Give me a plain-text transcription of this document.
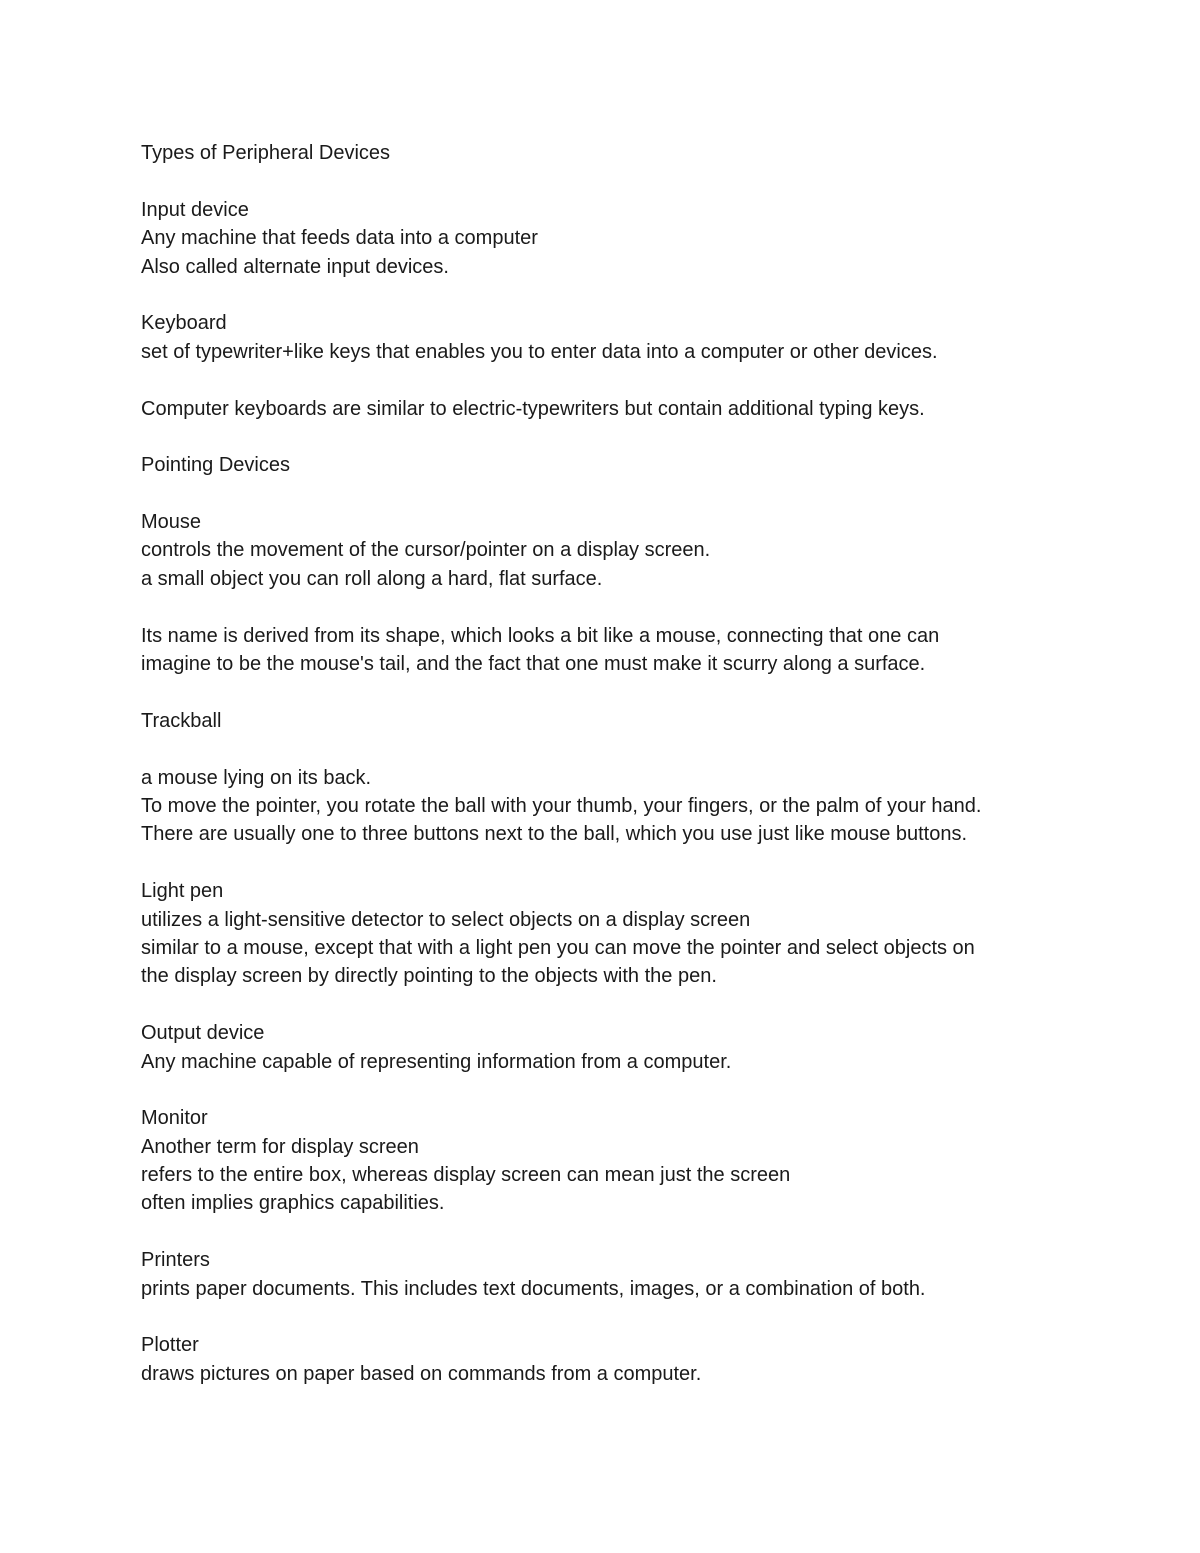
Types of Peripheral Devices
Input device
Any machine that feeds data into a computer
Also called alternate input devices.
Keyboard
set of typewriter+like keys that enables you to enter data into a computer or other devices.
Computer keyboards are similar to electric-typewriters but contain additional typing keys.
Pointing Devices
Mouse
controls the movement of the cursor/pointer on a display screen.
a small object you can roll along a hard, flat surface.
Its name is derived from its shape, which looks a bit like a mouse, connecting that one can
imagine to be the mouse's tail, and the fact that one must make it scurry along a surface.
Trackball
a mouse lying on its back.
To move the pointer, you rotate the ball with your thumb, your fingers, or the palm of your hand.
There are usually one to three buttons next to the ball, which you use just like mouse buttons.
Light pen
utilizes a light-sensitive detector to select objects on a display screen
similar to a mouse, except that with a light pen you can move the pointer and select objects on
the display screen by directly pointing to the objects with the pen.
Output device
Any machine capable of representing information from a computer.
Monitor
Another term for display screen
refers to the entire box, whereas display screen can mean just the screen
often implies graphics capabilities.
Printers
prints paper documents. This includes text documents, images, or a combination of both.
Plotter
draws pictures on paper based on commands from a computer.
